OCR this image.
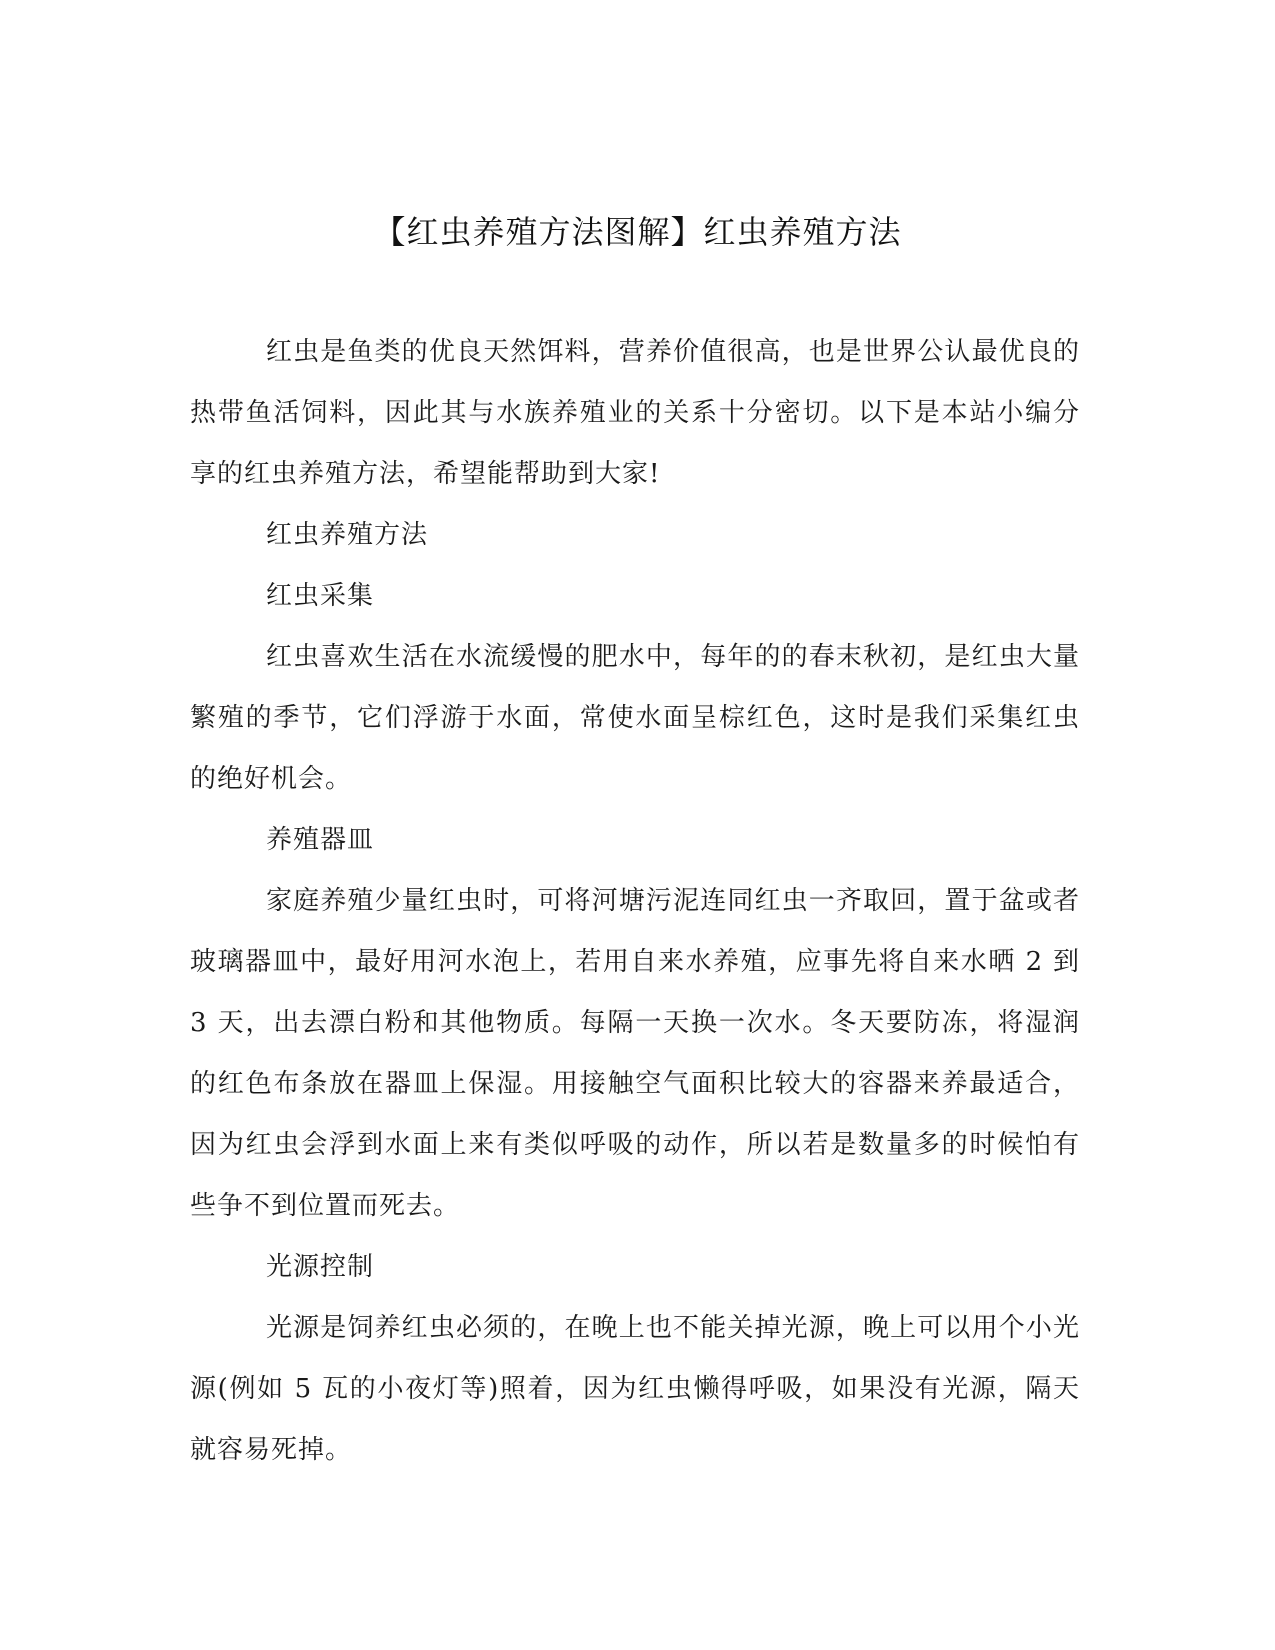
【红虫养殖方法图解】红虫养殖方法

红虫是鱼类的优良天然饵料，营养价值很高，也是世界公认最优良的热带鱼活饲料，因此其与水族养殖业的关系十分密切。以下是本站小编分享的红虫养殖方法，希望能帮助到大家!

红虫养殖方法

红虫采集

红虫喜欢生活在水流缓慢的肥水中，每年的的春末秋初，是红虫大量繁殖的季节，它们浮游于水面，常使水面呈棕红色，这时是我们采集红虫的绝好机会。

养殖器皿

家庭养殖少量红虫时，可将河塘污泥连同红虫一齐取回，置于盆或者玻璃器皿中，最好用河水泡上，若用自来水养殖，应事先将自来水晒 2 到 3 天，出去漂白粉和其他物质。每隔一天换一次水。冬天要防冻，将湿润的红色布条放在器皿上保湿。用接触空气面积比较大的容器来养最适合，因为红虫会浮到水面上来有类似呼吸的动作，所以若是数量多的时候怕有些争不到位置而死去。

光源控制

光源是饲养红虫必须的，在晚上也不能关掉光源，晚上可以用个小光源(例如 5 瓦的小夜灯等)照着，因为红虫懒得呼吸，如果没有光源，隔天就容易死掉。
